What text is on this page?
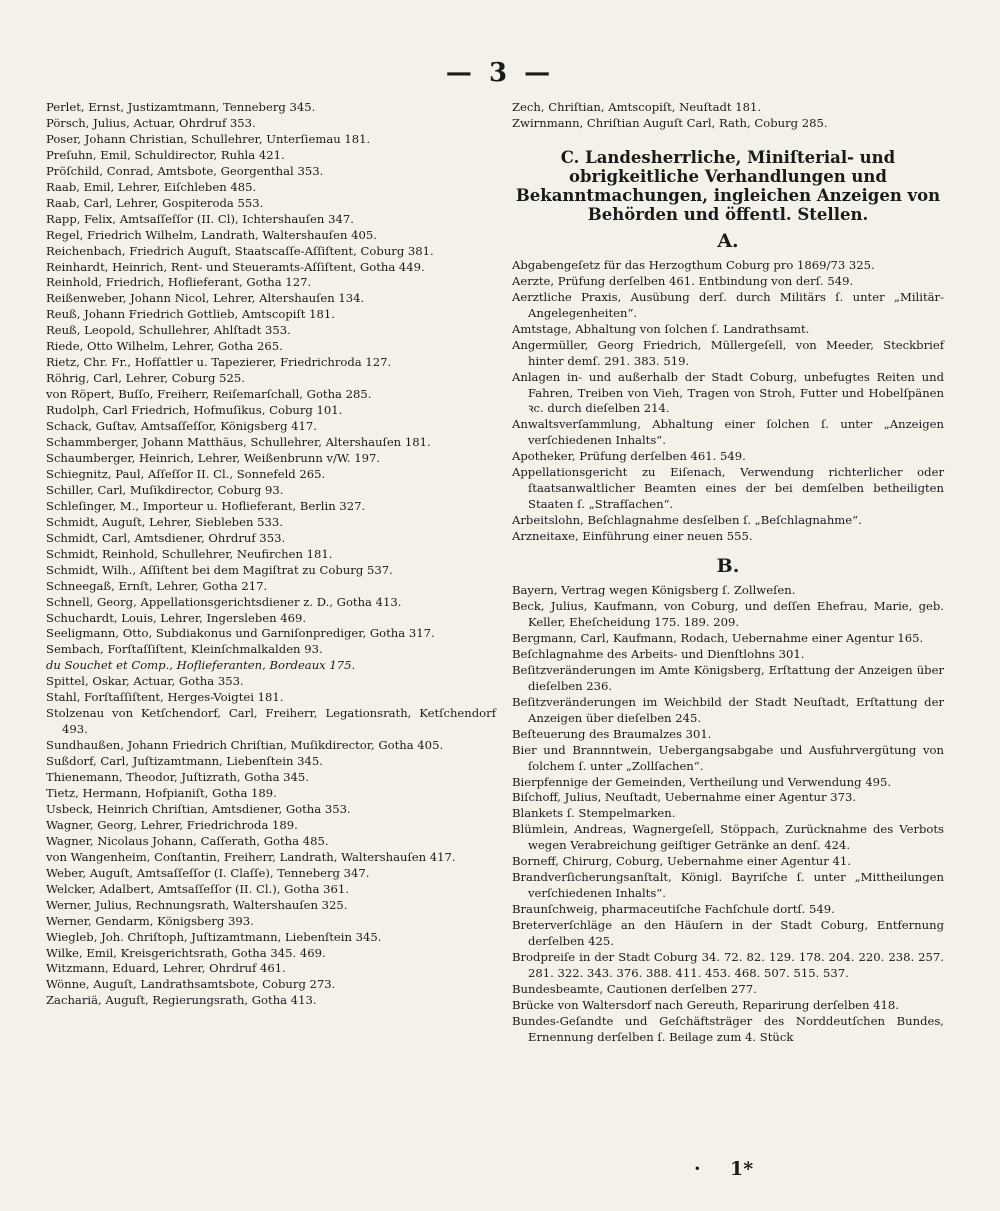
— 3 —
Perlet, Ernst, Justizamtmann, Tenneberg 345.
Pörsch, Julius, Actuar, Ohrdruf 353.
Poser, Johann Christian, Schullehrer, Unterſiemau 181.
Preſuhn, Emil, Schuldirector, Ruhla 421.
Pröſchild, Conrad, Amtsbote, Georgenthal 353.
Raab, Emil, Lehrer, Eiſchleben 485.
Raab, Carl, Lehrer, Gospiteroda 553.
Rapp, Felix, Amtsaſſeſſor (II. Cl), Ichtershauſen 347.
Regel, Friedrich Wilhelm, Landrath, Waltershauſen 405.
Reichenbach, Friedrich Auguſt, Staatscaſſe-Aſſiſtent, Coburg 381.
Reinhardt, Heinrich, Rent- und Steueramts-Aſſiſtent, Gotha 449.
Reinhold, Friedrich, Hoflieferant, Gotha 127.
Reißenweber, Johann Nicol, Lehrer, Altershauſen 134.
Reuß, Johann Friedrich Gottlieb, Amtscopiſt 181.
Reuß, Leopold, Schullehrer, Ahlſtadt 353.
Riede, Otto Wilhelm, Lehrer, Gotha 265.
Rietz, Chr. Fr., Hofſattler u. Tapezierer, Friedrichroda 127.
Röhrig, Carl, Lehrer, Coburg 525.
von Röpert, Buſſo, Freiherr, Reiſemarſchall, Gotha 285.
Rudolph, Carl Friedrich, Hofmuſikus, Coburg 101.
Schack, Guſtav, Amtsaſſeſſor, Königsberg 417.
Schammberger, Johann Matthäus, Schullehrer, Altershauſen 181.
Schaumberger, Heinrich, Lehrer, Weißenbrunn v/W. 197.
Schiegnitz, Paul, Aſſeſſor II. Cl., Sonnefeld 265.
Schiller, Carl, Muſikdirector, Coburg 93.
Schleſinger, M., Importeur u. Hoflieferant, Berlin 327.
Schmidt, Auguſt, Lehrer, Siebleben 533.
Schmidt, Carl, Amtsdiener, Ohrdruf 353.
Schmidt, Reinhold, Schullehrer, Neufirchen 181.
Schmidt, Wilh., Aſſiſtent bei dem Magiſtrat zu Coburg 537.
Schneegaß, Ernſt, Lehrer, Gotha 217.
Schnell, Georg, Appellationsgerichtsdiener z. D., Gotha 413.
Schuchardt, Louis, Lehrer, Ingersleben 469.
Seeligmann, Otto, Subdiakonus und Garniſonprediger, Gotha 317.
Sembach, Forſtaſſiſtent, Kleinſchmalkalden 93.
du Souchet et Comp., Hoflieferanten, Bordeaux 175.
Spittel, Oskar, Actuar, Gotha 353.
Stahl, Forſtaſſiſtent, Herges-Voigtei 181.
Stolzenau von Ketſchendorf, Carl, Freiherr, Legationsrath, Ketſchendorf 493.
Sundhaußen, Johann Friedrich Chriſtian, Muſikdirector, Gotha 405.
Sußdorf, Carl, Juſtizamtmann, Liebenſtein 345.
Thienemann, Theodor, Juſtizrath, Gotha 345.
Tietz, Hermann, Hofpianiſt, Gotha 189.
Usbeck, Heinrich Chriſtian, Amtsdiener, Gotha 353.
Wagner, Georg, Lehrer, Friedrichroda 189.
Wagner, Nicolaus Johann, Caſſerath, Gotha 485.
von Wangenheim, Conſtantin, Freiherr, Landrath, Waltershauſen 417.
Weber, Auguſt, Amtsaſſeſſor (I. Claſſe), Tenneberg 347.
Welcker, Adalbert, Amtsaſſeſſor (II. Cl.), Gotha 361.
Werner, Julius, Rechnungsrath, Waltershauſen 325.
Werner, Gendarm, Königsberg 393.
Wiegleb, Joh. Chriſtoph, Juſtizamtmann, Liebenſtein 345.
Wilke, Emil, Kreisgerichtsrath, Gotha 345. 469.
Witzmann, Eduard, Lehrer, Ohrdruf 461.
Wönne, Auguſt, Landrathsamtsbote, Coburg 273.
Zachariä, Auguſt, Regierungsrath, Gotha 413.
Zech, Chriſtian, Amtscopiſt, Neuſtadt 181.
Zwirnmann, Chriſtian Auguſt Carl, Rath, Coburg 285.
C. Landesherrliche, Miniſterial- und obrigkeitliche Verhandlungen und Bekanntmachungen, ingleichen Anzeigen von Behörden und öffentl. Stellen.
A.
Abgabengeſetz für das Herzogthum Coburg pro 1869/73 325.
Aerzte, Prüfung derſelben 461. Entbindung von derſ. 549.
Aerztliche Praxis, Ausübung derſ. durch Militärs ſ. unter „Militär-Angelegenheiten“.
Amtstage, Abhaltung von ſolchen ſ. Landrathsamt.
Angermüller, Georg Friedrich, Müllergeſell, von Meeder, Steckbrief hinter demſ. 291. 383. 519.
Anlagen in- und außerhalb der Stadt Coburg, unbefugtes Reiten und Fahren, Treiben von Vieh, Tragen von Stroh, Futter und Hobelſpänen ꝛc. durch dieſelben 214.
Anwaltsverſammlung, Abhaltung einer ſolchen ſ. unter „Anzeigen verſchiedenen Inhalts“.
Apotheker, Prüfung derſelben 461. 549.
Appellationsgericht zu Eiſenach, Verwendung richterlicher oder ſtaatsanwaltlicher Beamten eines der bei demſelben betheiligten Staaten ſ. „Strafſachen“.
Arbeitslohn, Beſchlagnahme desſelben ſ. „Beſchlagnahme“.
Arzneitaxe, Einführung einer neuen 555.
B.
Bayern, Vertrag wegen Königsberg ſ. Zollweſen.
Beck, Julius, Kaufmann, von Coburg, und deſſen Ehefrau, Marie, geb. Keller, Eheſcheidung 175. 189. 209.
Bergmann, Carl, Kaufmann, Rodach, Uebernahme einer Agentur 165.
Beſchlagnahme des Arbeits- und Dienſtlohns 301.
Beſitzveränderungen im Amte Königsberg, Erſtattung der Anzeigen über dieſelben 236.
Beſitzveränderungen im Weichbild der Stadt Neuſtadt, Erſtattung der Anzeigen über dieſelben 245.
Beſteuerung des Braumalzes 301.
Bier und Brannntwein, Uebergangsabgabe und Ausfuhrvergütung von ſolchem ſ. unter „Zollſachen“.
Bierpfennige der Gemeinden, Vertheilung und Verwendung 495.
Biſchoff, Julius, Neuſtadt, Uebernahme einer Agentur 373.
Blankets ſ. Stempelmarken.
Blümlein, Andreas, Wagnergeſell, Stöppach, Zurücknahme des Verbots wegen Verabreichung geiſtiger Getränke an denſ. 424.
Borneff, Chirurg, Coburg, Uebernahme einer Agentur 41.
Brandverſicherungsanſtalt, Königl. Bayriſche ſ. unter „Mittheilungen verſchiedenen Inhalts“.
Braunſchweig, pharmaceutiſche Fachſchule dortſ. 549.
Breterverſchläge an den Häuſern in der Stadt Coburg, Entfernung derſelben 425.
Brodpreiſe in der Stadt Coburg 34. 72. 82. 129. 178. 204. 220. 238. 257. 281. 322. 343. 376. 388. 411. 453. 468. 507. 515. 537.
Bundesbeamte, Cautionen derſelben 277.
Brücke von Waltersdorf nach Gereuth, Reparirung derſelben 418.
Bundes-Geſandte und Geſchäftsträger des Norddeutſchen Bundes, Ernennung derſelben ſ. Beilage zum 4. Stück
· 1*
